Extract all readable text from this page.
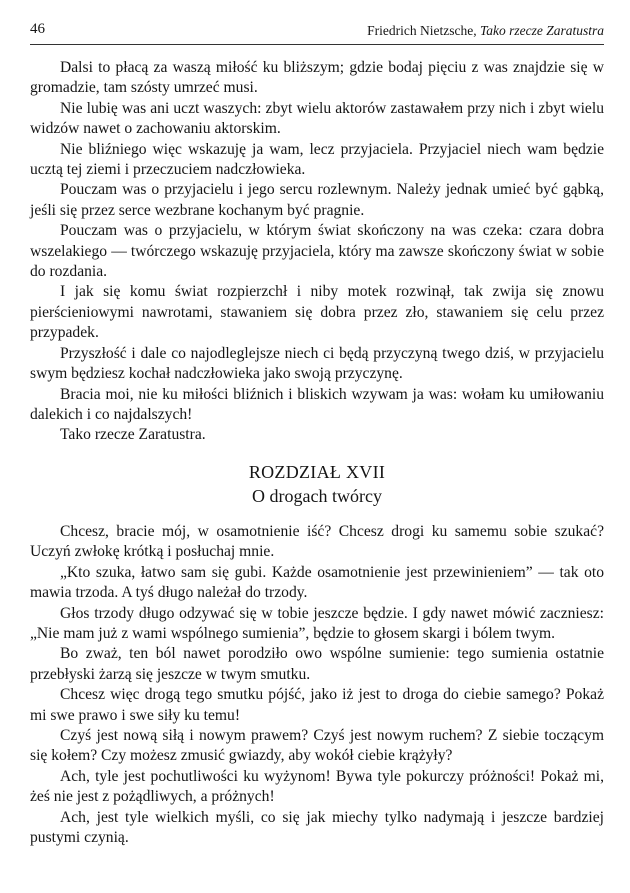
46	Friedrich Nietzsche, Tako rzecze Zaratustra

Dalsi to płacą za waszą miłość ku bliższym; gdzie bodaj pięciu z was znajdzie się w gromadzie, tam szósty umrzeć musi.

Nie lubię was ani uczt waszych: zbyt wielu aktorów zastawałem przy nich i zbyt wielu widzów nawet o zachowaniu aktorskim.

Nie bliźniego więc wskazuję ja wam, lecz przyjaciela. Przyjaciel niech wam będzie ucztą tej ziemi i przeczuciem nadczłowieka.

Pouczam was o przyjacielu i jego sercu rozlewnym. Należy jednak umieć być gąbką, jeśli się przez serce wezbrane kochanym być pragnie.

Pouczam was o przyjacielu, w którym świat skończony na was czeka: czara dobra wszelakiego — twórczego wskazuję przyjaciela, który ma zawsze skończony świat w sobie do rozdania.

I jak się komu świat rozpierzchł i niby motek rozwinął, tak zwija się znowu pierścieniowymi nawrotami, stawaniem się dobra przez zło, stawaniem się celu przez przypadek.

Przyszłość i dale co najodleglejsze niech ci będą przyczyną twego dziś, w przyjacielu swym będziesz kochał nadczłowieka jako swoją przyczynę.

Bracia moi, nie ku miłości bliźnich i bliskich wzywam ja was: wołam ku umiłowaniu dalekich i co najdalszych!

Tako rzecze Zaratustra.

ROZDZIAŁ XVII
O drogach twórcy

Chcesz, bracie mój, w osamotnienie iść? Chcesz drogi ku samemu sobie szukać? Uczyń zwłokę krótką i posłuchaj mnie.

„Kto szuka, łatwo sam się gubi. Każde osamotnienie jest przewinieniem” — tak oto mawia trzoda. A tyś długo należał do trzody.

Głos trzody długo odzywać się w tobie jeszcze będzie. I gdy nawet mówić zaczniesz: „Nie mam już z wami wspólnego sumienia”, będzie to głosem skargi i bólem twym.

Bo zważ, ten ból nawet porodziło owo wspólne sumienie: tego sumienia ostatnie przebłyski żarzą się jeszcze w twym smutku.

Chcesz więc drogą tego smutku pójść, jako iż jest to droga do ciebie samego? Pokaż mi swe prawo i swe siły ku temu!

Czyś jest nową siłą i nowym prawem? Czyś jest nowym ruchem? Z siebie toczącym się kołem? Czy możesz zmusić gwiazdy, aby wokół ciebie krążyły?

Ach, tyle jest pochutliwości ku wyżynom! Bywa tyle pokurczy próżności! Pokaż mi, żeś nie jest z pożądliwych, a próżnych!

Ach, jest tyle wielkich myśli, co się jak miechy tylko nadymają i jeszcze bardziej pustymi czynią.
